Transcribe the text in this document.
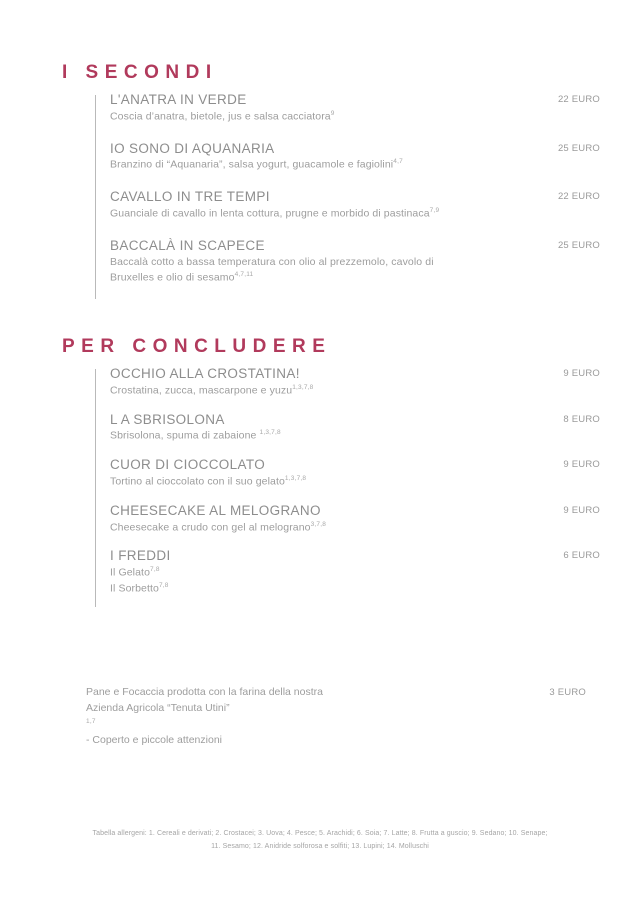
I SECONDI
L'ANATRA IN VERDE
Coscia d’anatra, bietole, jus e salsa cacciatora$^9$
22 EURO
IO SONO DI AQUANARIA
Branzino di “Aquanaria”, salsa yogurt, guacamole e fagiolini$^{4,7}$
25 EURO
CAVALLO IN TRE TEMPI
Guanciale di cavallo in lenta cottura, prugne e morbido di pastinaca$^{7,9}$
22 EURO
BACCALÀ IN SCAPECE
Baccalà cotto a bassa temperatura con olio al prezzemolo, cavolo di
Bruxelles e olio di sesamo$^{4,7,11}$
25 EURO
PER CONCLUDERE
OCCHIO ALLA CROSTATINA!
Crostatina, zucca, mascarpone e yuzu$^{1,3,7,8}$
9 EURO
L A SBRISOLONA
Sbrisolona, spuma di zabaione $^{1,3,7,8}$
8 EURO
CUOR DI CIOCCOLATO
Tortino al cioccolato con il suo gelato$^{1,3,7,8}$
9 EURO
CHEESECAKE AL MELOGRANO
Cheesecake a crudo con gel al melograno$^{3,7,8}$
9 EURO
I FREDDI
Il Gelato$^{7,8}$
Il Sorbetto$^{7,8}$
6 EURO
Pane e Focaccia prodotta con la farina della nostra
Azienda Agricola “Tenuta Utini”
$^{1,7}$
- Coperto e piccole attenzioni
3 EURO
Tabella allergeni: 1. Cereali e derivati; 2. Crostacei; 3. Uova; 4. Pesce; 5. Arachidi; 6. Soia; 7. Latte; 8. Frutta a guscio; 9. Sedano; 10. Senape;
11. Sesamo; 12. Anidride solforosa e solfiti; 13. Lupini; 14. Molluschi
